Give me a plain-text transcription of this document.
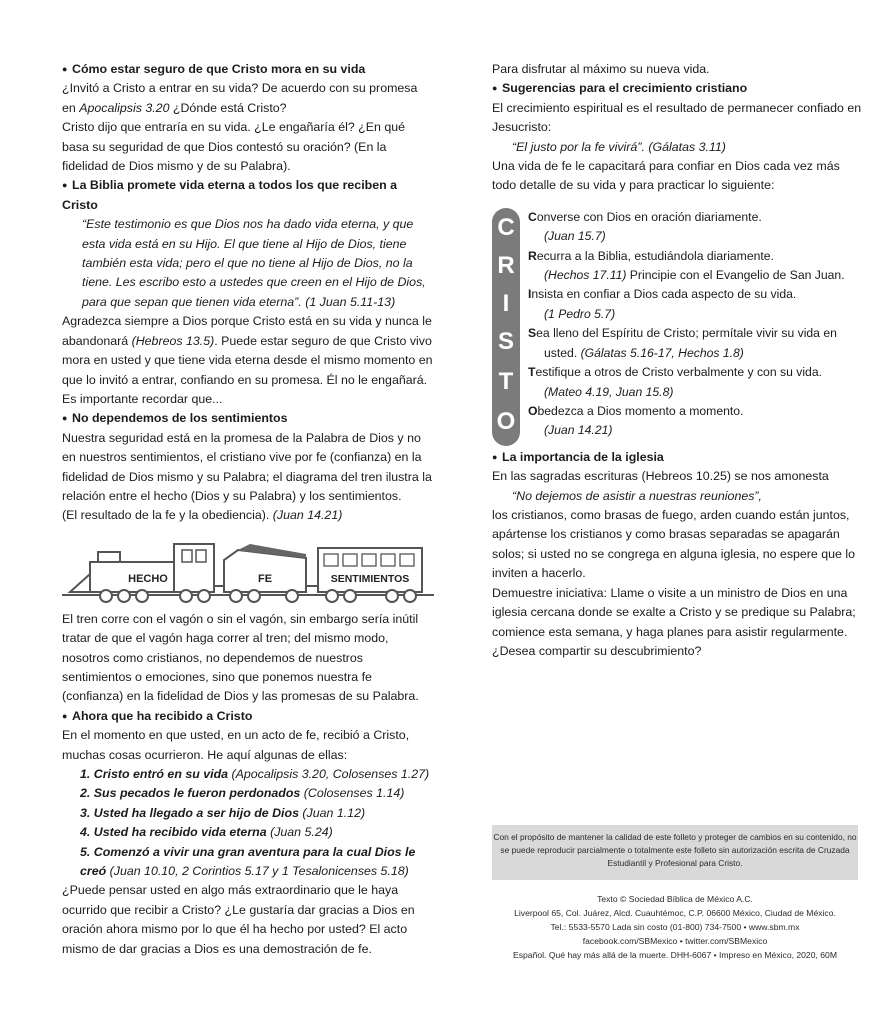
● Cómo estar seguro de que Cristo mora en su vida

¿Invitó a Cristo a entrar en su vida? De acuerdo con su promesa en Apocalipsis 3.20 ¿Dónde está Cristo?

Cristo dijo que entraría en su vida. ¿Le engañaría él? ¿En qué basa su seguridad de que Dios contestó su oración? (En la fidelidad de Dios mismo y de su Palabra).

● La Biblia promete vida eterna a todos los que reciben a Cristo

“Este testimonio es que Dios nos ha dado vida eterna, y que esta vida está en su Hijo. El que tiene al Hijo de Dios, tiene también esta vida; pero el que no tiene al Hijo de Dios, no la tiene. Les escribo esto a ustedes que creen en el Hijo de Dios, para que sepan que tienen vida eterna”. (1 Juan 5.11-13)

Agradezca siempre a Dios porque Cristo está en su vida y nunca le abandonará (Hebreos 13.5). Puede estar seguro de que Cristo vivo mora en usted y que tiene vida eterna desde el mismo momento en que lo invitó a entrar, confiando en su promesa. Él no le engañará.

Es importante recordar que...

● No dependemos de los sentimientos

Nuestra seguridad está en la promesa de la Palabra de Dios y no en nuestros sentimientos, el cristiano vive por fe (confianza) en la fidelidad de Dios mismo y su Palabra; el diagrama del tren ilustra la relación entre el hecho (Dios y su Palabra) y los sentimientos.

(El resultado de la fe y la obediencia). (Juan 14.21)

HECHO	FE	SENTIMIENTOS

El tren corre con el vagón o sin el vagón, sin embargo sería inútil tratar de que el vagón haga correr al tren; del mismo modo, nosotros como cristianos, no dependemos de nuestros sentimientos o emociones, sino que ponemos nuestra fe (confianza) en la fidelidad de Dios y las promesas de su Palabra.

● Ahora que ha recibido a Cristo

En el momento en que usted, en un acto de fe, recibió a Cristo, muchas cosas ocurrieron. He aquí algunas de ellas:

1. Cristo entró en su vida (Apocalipsis 3.20, Colosenses 1.27)

2. Sus pecados le fueron perdonados (Colosenses 1.14)

3. Usted ha llegado a ser hijo de Dios (Juan 1.12)

4. Usted ha recibido vida eterna (Juan 5.24)

5. Comenzó a vivir una gran aventura para la cual Dios le creó (Juan 10.10, 2 Corintios 5.17 y 1 Tesalonicenses 5.18)

¿Puede pensar usted en algo más extraordinario que le haya ocurrido que recibir a Cristo? ¿Le gustaría dar gracias a Dios en oración ahora mismo por lo que él ha hecho por usted? El acto mismo de dar gracias a Dios es una demostración de fe.

Para disfrutar al máximo su nueva vida.

● Sugerencias para el crecimiento cristiano

El crecimiento espiritual es el resultado de permanecer confiado en Jesucristo:

“El justo por la fe vivirá”. (Gálatas 3.11)

Una vida de fe le capacitará para confiar en Dios cada vez más todo detalle de su vida y para practicar lo siguiente:

C
R
I
S
T
O
Converse con Dios en oración diariamente.
(Juan 15.7)
Recurra a la Biblia, estudiándola diariamente.
(Hechos 17.11) Principie con el Evangelio de San Juan.
Insista en confiar a Dios cada aspecto de su vida.
(1 Pedro 5.7)
Sea lleno del Espíritu de Cristo; permítale vivir su vida en
usted. (Gálatas 5.16-17, Hechos 1.8)
Testifique a otros de Cristo verbalmente y con su vida.
(Mateo 4.19, Juan 15.8)
Obedezca a Dios momento a momento.
(Juan 14.21)

● La importancia de la iglesia

En las sagradas escrituras (Hebreos 10.25) se nos amonesta

“No dejemos de asistir a nuestras reuniones”,

los cristianos, como brasas de fuego, arden cuando están juntos, apártense los cristianos y como brasas separadas se apagarán solos; si usted no se congrega en alguna iglesia, no espere que lo inviten a hacerlo.

Demuestre iniciativa: Llame o visite a un ministro de Dios en una iglesia cercana donde se exalte a Cristo y se predique su Palabra; comience esta semana, y haga planes para asistir regularmente. ¿Desea compartir su descubrimiento?

Con el propósito de mantener la calidad de este folleto y proteger de cambios en su contenido, no se puede reproducir parcialmente o totalmente este folleto sin autorización escrita de Cruzada Estudiantil y Profesional para Cristo.
Texto © Sociedad Bíblica de México A.C.
Liverpool 65, Col. Juárez, Alcd. Cuauhtémoc, C.P. 06600 México, Ciudad de México.
Tel.: 5533-5570 Lada sin costo (01-800) 734-7500 • www.sbm.mx
facebook.com/SBMexico • twitter.com/SBMexico
Español. Qué hay más allá de la muerte. DHH-6067 • Impreso en México, 2020, 60M
